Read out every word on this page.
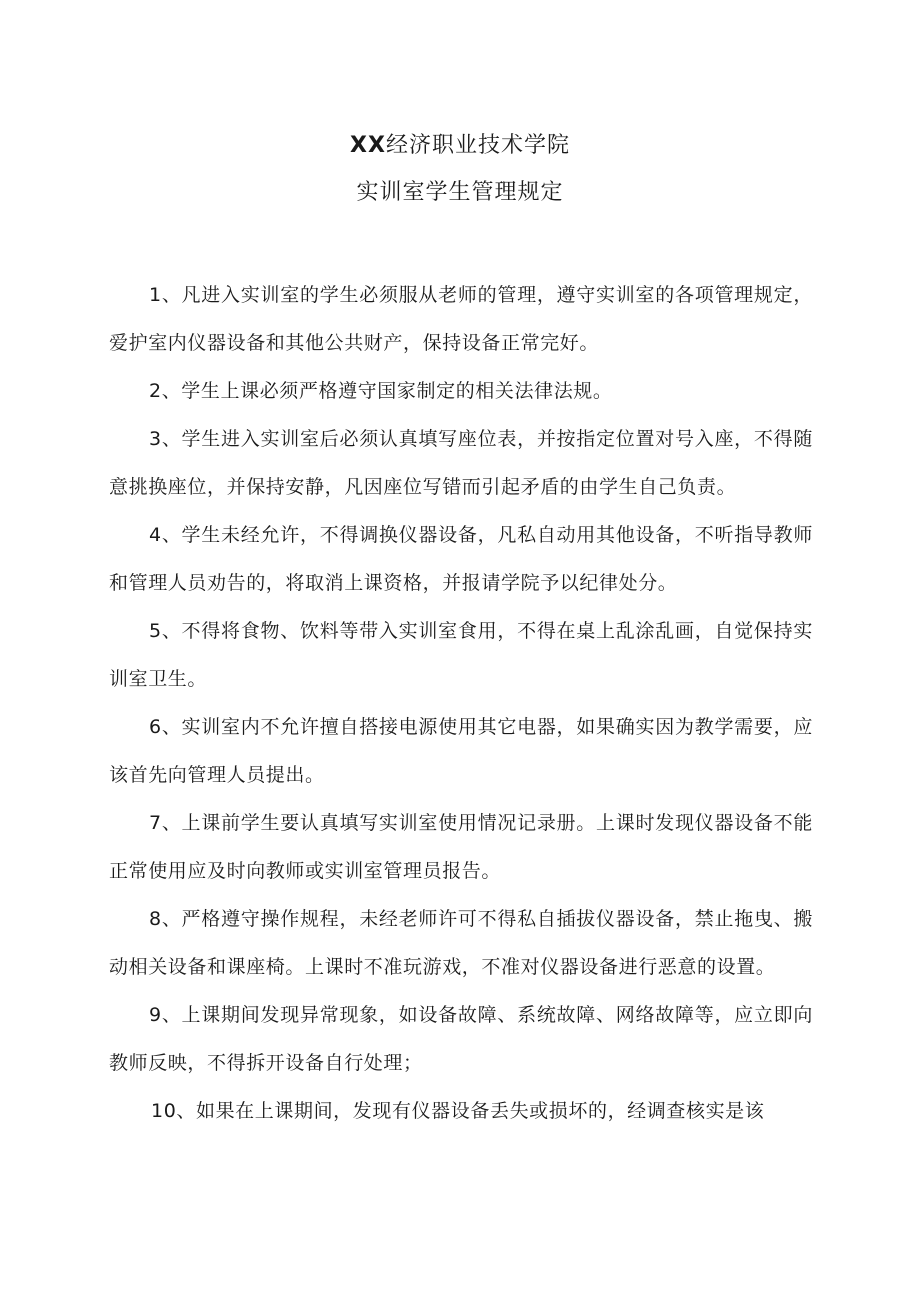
XX经济职业技术学院
实训室学生管理规定

1、凡进入实训室的学生必须服从老师的管理，遵守实训室的各项管理规定，爱护室内仪器设备和其他公共财产，保持设备正常完好。

2、学生上课必须严格遵守国家制定的相关法律法规。

3、学生进入实训室后必须认真填写座位表，并按指定位置对号入座，不得随意挑换座位，并保持安静，凡因座位写错而引起矛盾的由学生自己负责。

4、学生未经允许，不得调换仪器设备，凡私自动用其他设备，不听指导教师和管理人员劝告的，将取消上课资格，并报请学院予以纪律处分。

5、不得将食物、饮料等带入实训室食用，不得在桌上乱涂乱画，自觉保持实训室卫生。

6、实训室内不允许擅自搭接电源使用其它电器，如果确实因为教学需要，应该首先向管理人员提出。

7、上课前学生要认真填写实训室使用情况记录册。上课时发现仪器设备不能正常使用应及时向教师或实训室管理员报告。

8、严格遵守操作规程，未经老师许可不得私自插拔仪器设备，禁止拖曳、搬动相关设备和课座椅。上课时不准玩游戏，不准对仪器设备进行恶意的设置。

9、上课期间发现异常现象，如设备故障、系统故障、网络故障等，应立即向教师反映，不得拆开设备自行处理；

10、如果在上课期间，发现有仪器设备丢失或损坏的，经调查核实是该
